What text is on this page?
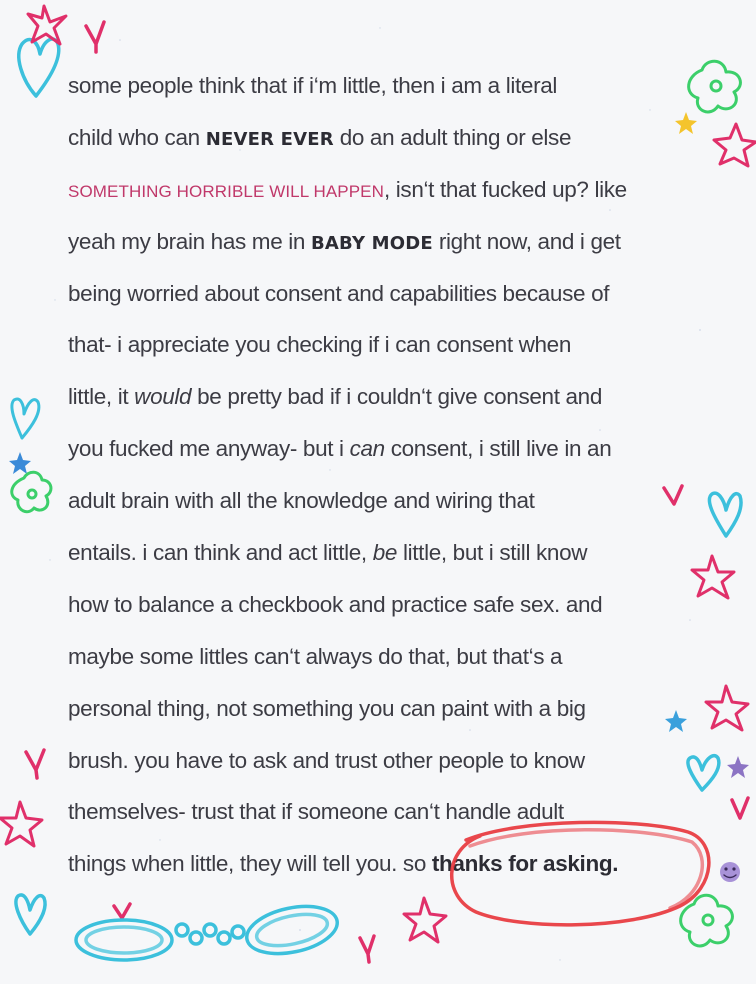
some people think that if i‘m little, then i am a literal
child who can NEVER EVER do an adult thing or else
SOMETHING HORRIBLE WILL HAPPEN, isn‘t that fucked up? like
yeah my brain has me in BABY MODE right now, and i get
being worried about consent and capabilities because of
that- i appreciate you checking if i can consent when
little, it would be pretty bad if i couldn‘t give consent and
you fucked me anyway- but i can consent, i still live in an
adult brain with all the knowledge and wiring that
entails. i can think and act little, be little, but i still know
how to balance a checkbook and practice safe sex. and
maybe some littles can‘t always do that, but that‘s a
personal thing, not something you can paint with a big
brush. you have to ask and trust other people to know
themselves- trust that if someone can‘t handle adult
things when little, they will tell you. so thanks for asking.
